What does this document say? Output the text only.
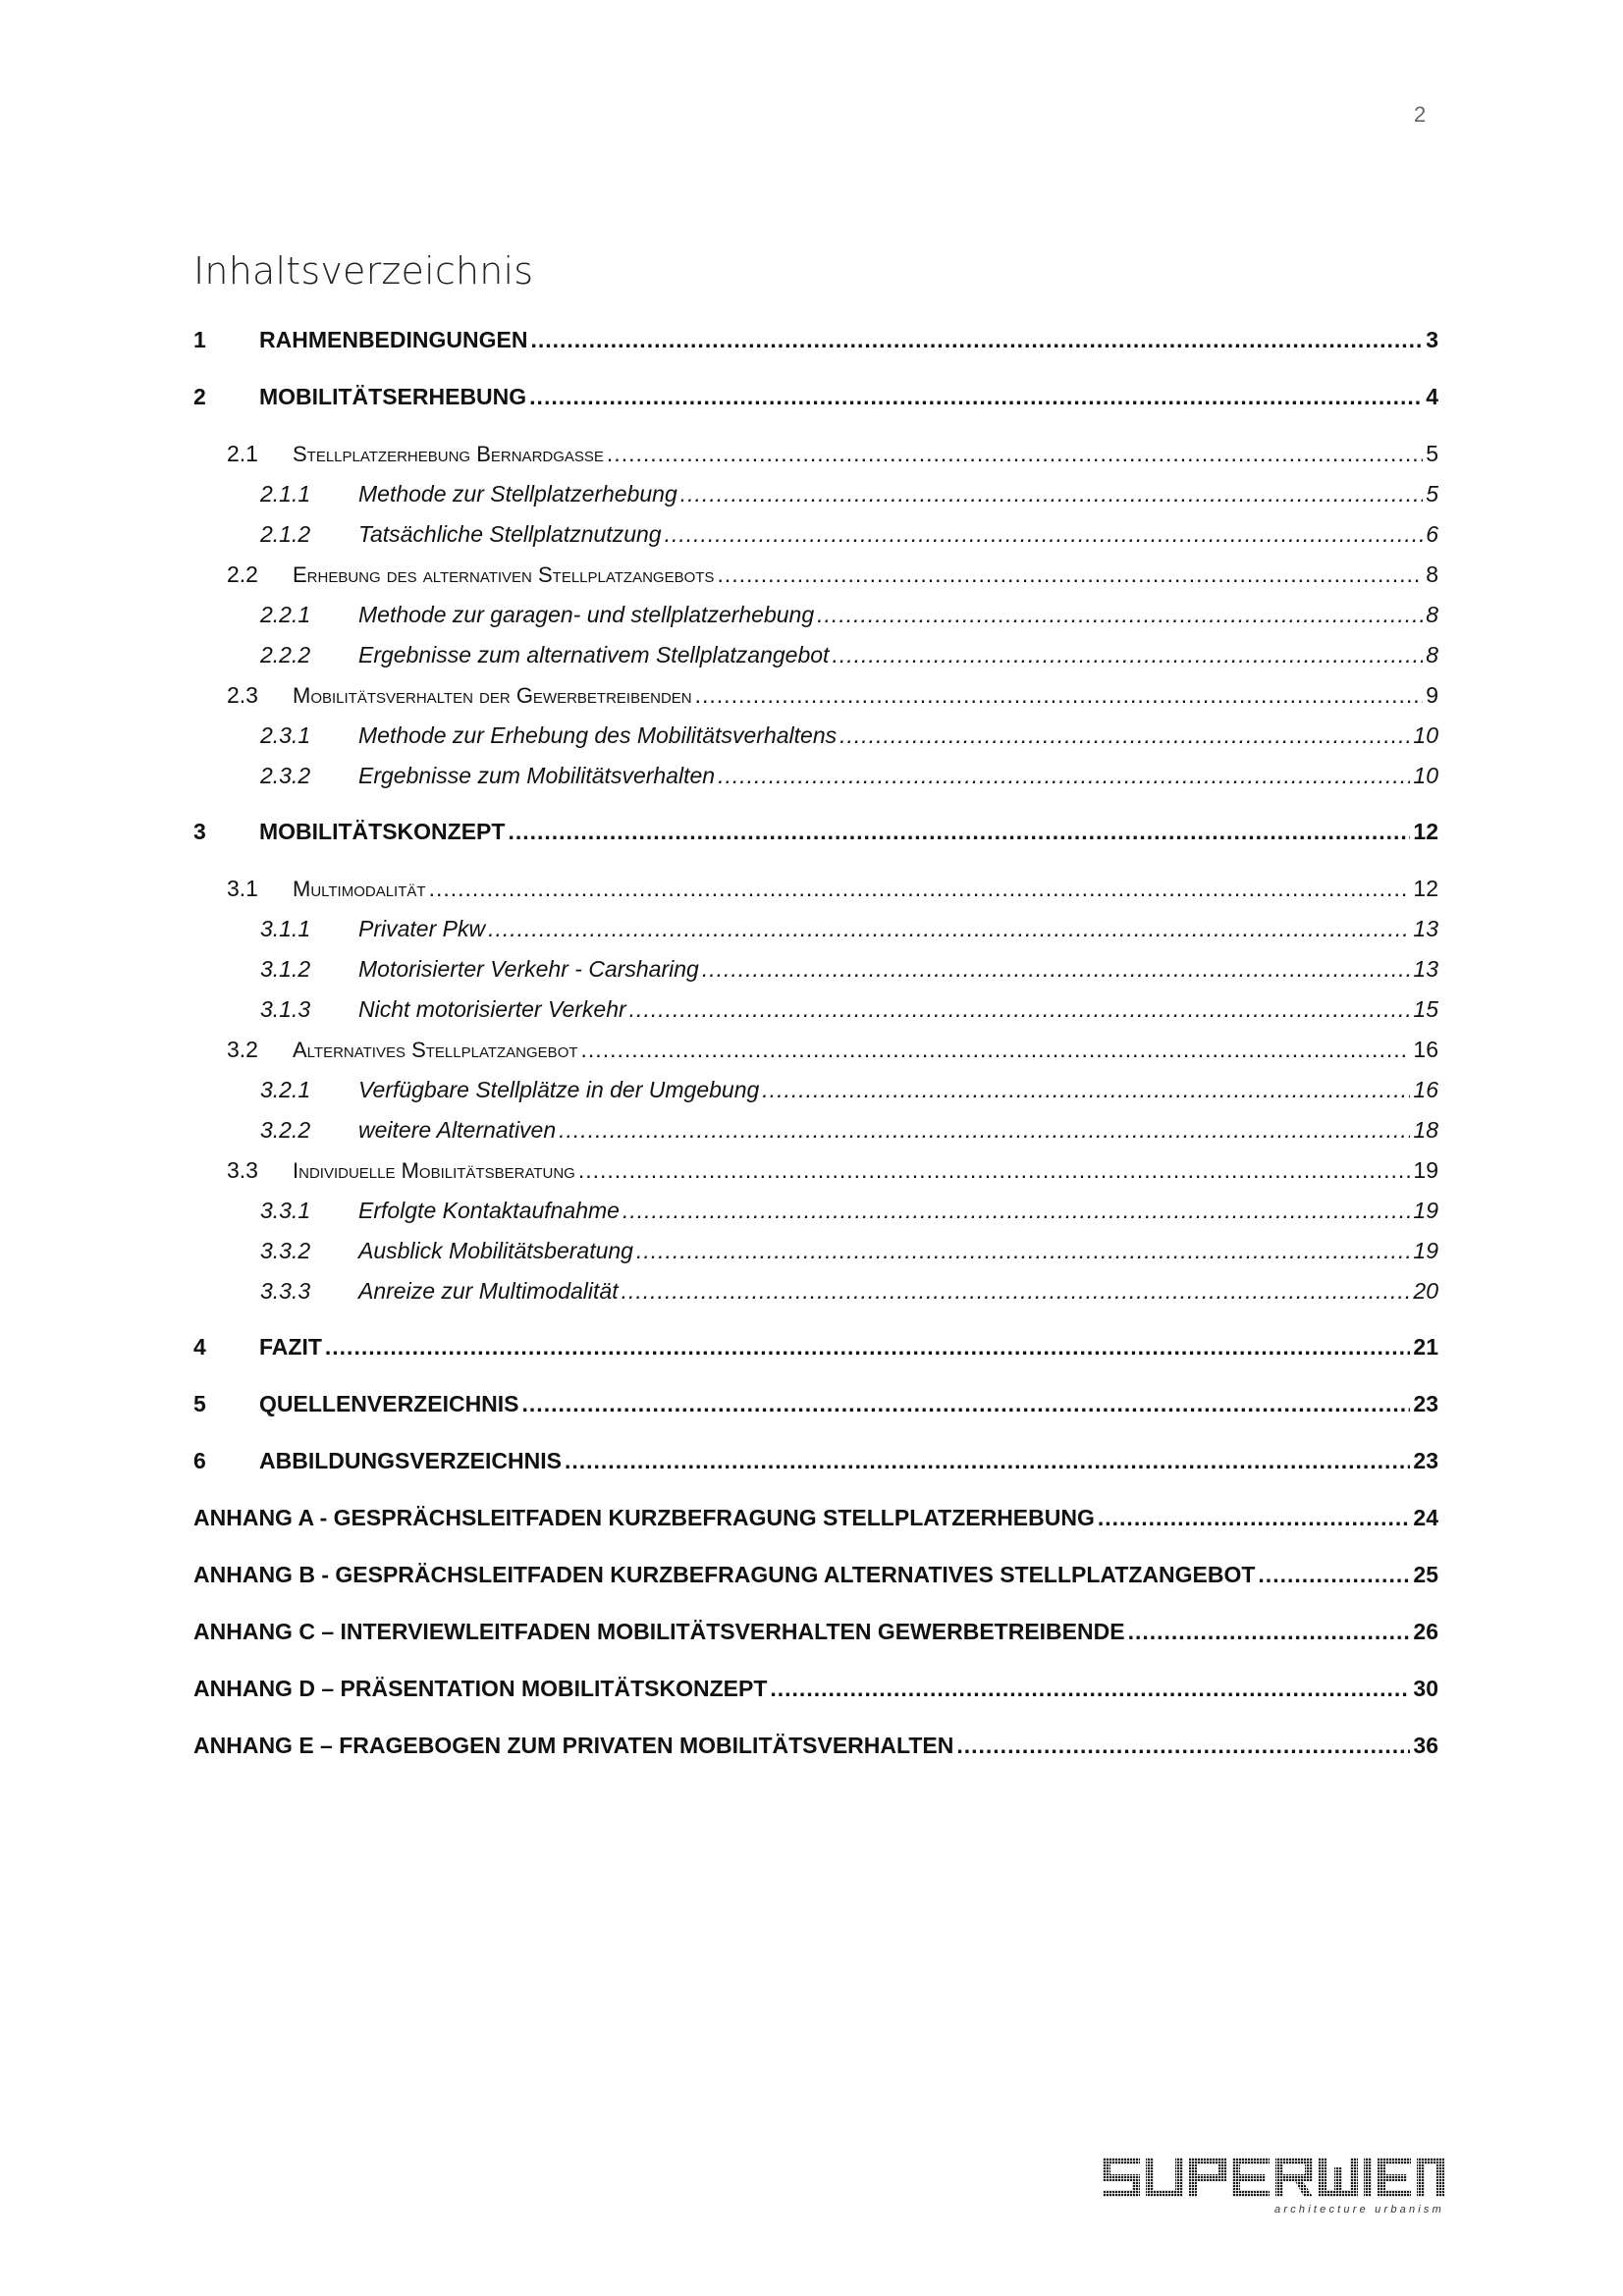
2
Inhaltsverzeichnis
1	RAHMENBEDINGUNGEN .....	3
2	MOBILITÄTSERHEBUNG .....	4
2.1	Stellplatzerhebung Bernardgasse .....	5
2.1.1	Methode zur Stellplatzerhebung .....	5
2.1.2	Tatsächliche Stellplatznutzung .....	6
2.2	Erhebung des alternativen Stellplatzangebots .....	8
2.2.1	Methode zur garagen- und stellplatzerhebung .....	8
2.2.2	Ergebnisse zum alternativem Stellplatzangebot .....	8
2.3	Mobilitätsverhalten der Gewerbetreibenden .....	9
2.3.1	Methode zur Erhebung des Mobilitätsverhaltens .....	10
2.3.2	Ergebnisse zum Mobilitätsverhalten .....	10
3	MOBILITÄTSKONZEPT .....	12
3.1	Multimodalität .....	12
3.1.1	Privater Pkw .....	13
3.1.2	Motorisierter Verkehr - Carsharing .....	13
3.1.3	Nicht motorisierter Verkehr .....	15
3.2	Alternatives Stellplatzangebot .....	16
3.2.1	Verfügbare Stellplätze in der Umgebung .....	16
3.2.2	weitere Alternativen .....	18
3.3	Individuelle Mobilitätsberatung .....	19
3.3.1	Erfolgte Kontaktaufnahme .....	19
3.3.2	Ausblick Mobilitätsberatung .....	19
3.3.3	Anreize zur Multimodalität .....	20
4	FAZIT .....	21
5	QUELLENVERZEICHNIS .....	23
6	ABBILDUNGSVERZEICHNIS .....	23
ANHANG A - GESPRÄCHSLEITFADEN KURZBEFRAGUNG STELLPLATZERHEBUNG .....	24
ANHANG B - GESPRÄCHSLEITFADEN KURZBEFRAGUNG ALTERNATIVES STELLPLATZANGEBOT .....	25
ANHANG C – INTERVIEWLEITFADEN MOBILITÄTSVERHALTEN GEWERBETREIBENDE .....	26
ANHANG D – PRÄSENTATION MOBILITÄTSKONZEPT .....	30
ANHANG E – FRAGEBOGEN ZUM PRIVATEN MOBILITÄTSVERHALTEN .....	36
architecture urbanism
